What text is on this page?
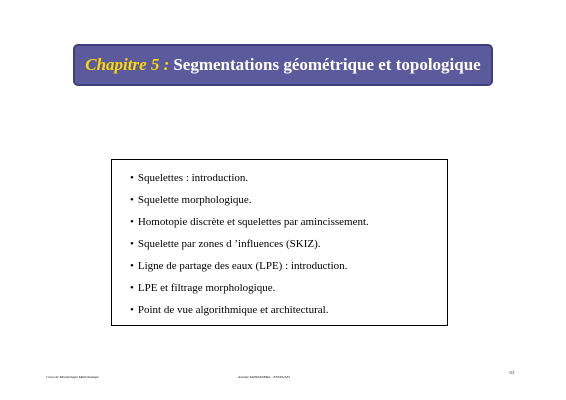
Chapitre 5 : Segmentations géométrique et topologique
• Squelettes : introduction.
• Squelette morphologique.
• Homotopie discrète et squelettes par amincissement.
• Squelette par zones d ’influences (SKIZ).
• Ligne de partage des eaux (LPE) : introduction.
• LPE et filtrage morphologique.
• Point de vue algorithmique et architectural.
Cours de Morphologie Mathématique	Antoine MANZANERA – ENSTA/LEI
111
